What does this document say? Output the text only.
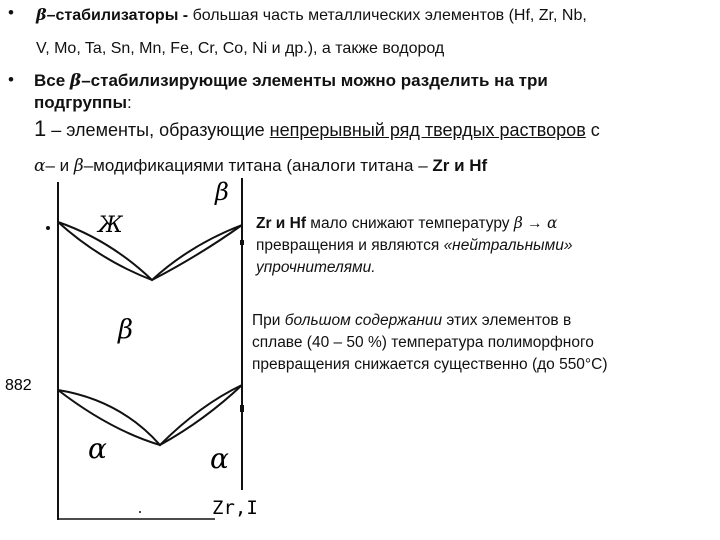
• β–стабилизаторы - большая часть металлических элементов (Hf, Zr, Nb,
V, Mo, Ta, Sn, Mn, Fe, Cr, Co, Ni и др.), а также водород
• Все β–стабилизирующие элементы можно разделить на три
подгруппы:
1 – элементы, образующие непрерывный ряд твердых растворов с
α– и β–модификациями титана (аналоги титана – Zr и Hf
β
Ж
β
α	α
882
Zr,I
Zr и Hf мало снижают температуру β → α
превращения и являются «нейтральными»
упрочнителями.
При большом содержании этих элементов в
сплаве (40 – 50 %) температура полиморфного
превращения снижается существенно (до 550°С)
